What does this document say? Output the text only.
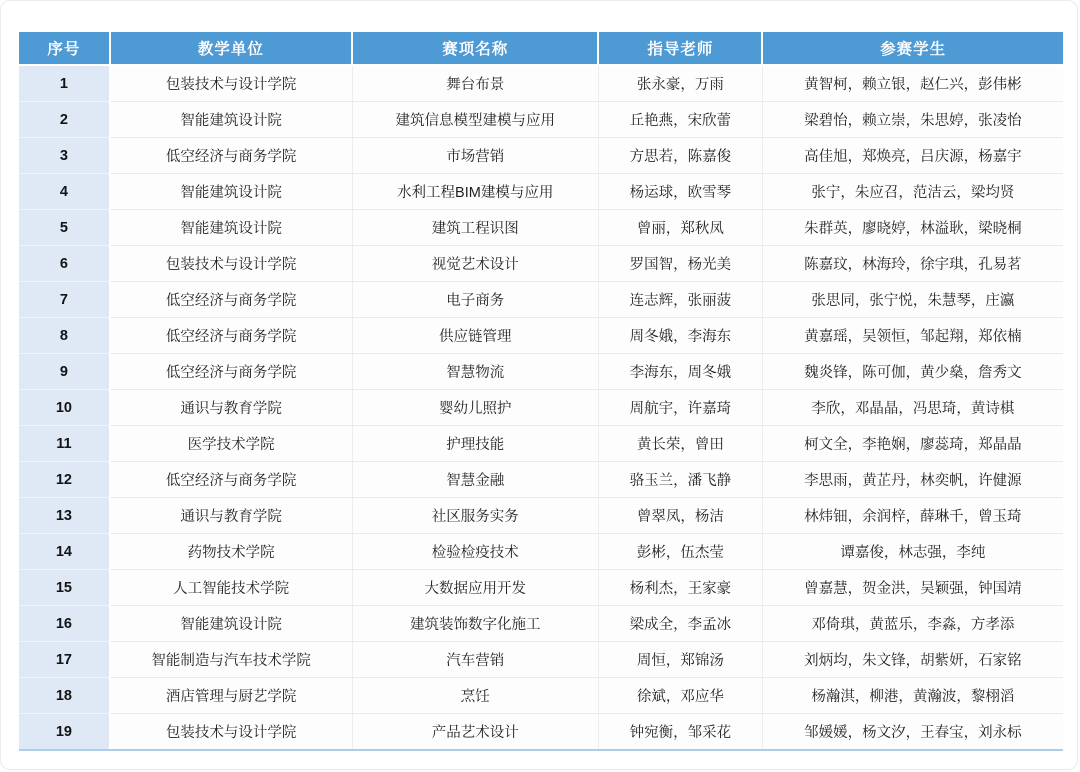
序号	教学单位	赛项名称	指导老师	参赛学生
1	包装技术与设计学院	舞台布景	张永豪，万雨	黄智柯，赖立银，赵仁兴，彭伟彬
2	智能建筑设计院	建筑信息模型建模与应用	丘艳燕，宋欣蕾	梁碧怡，赖立崇，朱思婷，张凌怡
3	低空经济与商务学院	市场营销	方思若，陈嘉俊	高佳旭，郑焕亮，吕庆源，杨嘉宇
4	智能建筑设计院	水利工程BIM建模与应用	杨运球，欧雪琴	张宁，朱应召，范洁云，梁均贤
5	智能建筑设计院	建筑工程识图	曾丽，郑秋凤	朱群英，廖晓婷，林溢耿，梁晓桐
6	包装技术与设计学院	视觉艺术设计	罗国智，杨光美	陈嘉玟，林海玲，徐宇琪，孔易茗
7	低空经济与商务学院	电子商务	连志辉，张丽菠	张思同，张宁悦，朱慧琴，庄瀛
8	低空经济与商务学院	供应链管理	周冬娥，李海东	黄嘉瑶，吴领恒，邹起翔，郑依楠
9	低空经济与商务学院	智慧物流	李海东，周冬娥	魏炎锋，陈可伽，黄少燊，詹秀文
10	通识与教育学院	婴幼儿照护	周航宇，许嘉琦	李欣，邓晶晶，冯思琦，黄诗棋
11	医学技术学院	护理技能	黄长荣，曾田	柯文全，李艳娴，廖蕊琦，郑晶晶
12	低空经济与商务学院	智慧金融	骆玉兰，潘飞静	李思雨，黄芷丹，林奕帆，许健源
13	通识与教育学院	社区服务实务	曾翠凤，杨洁	林炜钿，余润梓，薛琳千，曾玉琦
14	药物技术学院	检验检疫技术	彭彬，伍杰莹	谭嘉俊，林志强，李纯
15	人工智能技术学院	大数据应用开发	杨利杰，王家豪	曾嘉慧，贺金洪，吴颖强，钟国靖
16	智能建筑设计院	建筑装饰数字化施工	梁成全，李孟冰	邓倚琪，黄蓝乐，李淼，方孝添
17	智能制造与汽车技术学院	汽车营销	周恒，郑锦汤	刘炳均，朱文锋，胡紫妍，石家铭
18	酒店管理与厨艺学院	烹饪	徐斌，邓应华	杨瀚淇，柳港，黄瀚波，黎栩滔
19	包装技术与设计学院	产品艺术设计	钟宛衡，邹采花	邹媛媛，杨文汐，王春宝，刘永标
